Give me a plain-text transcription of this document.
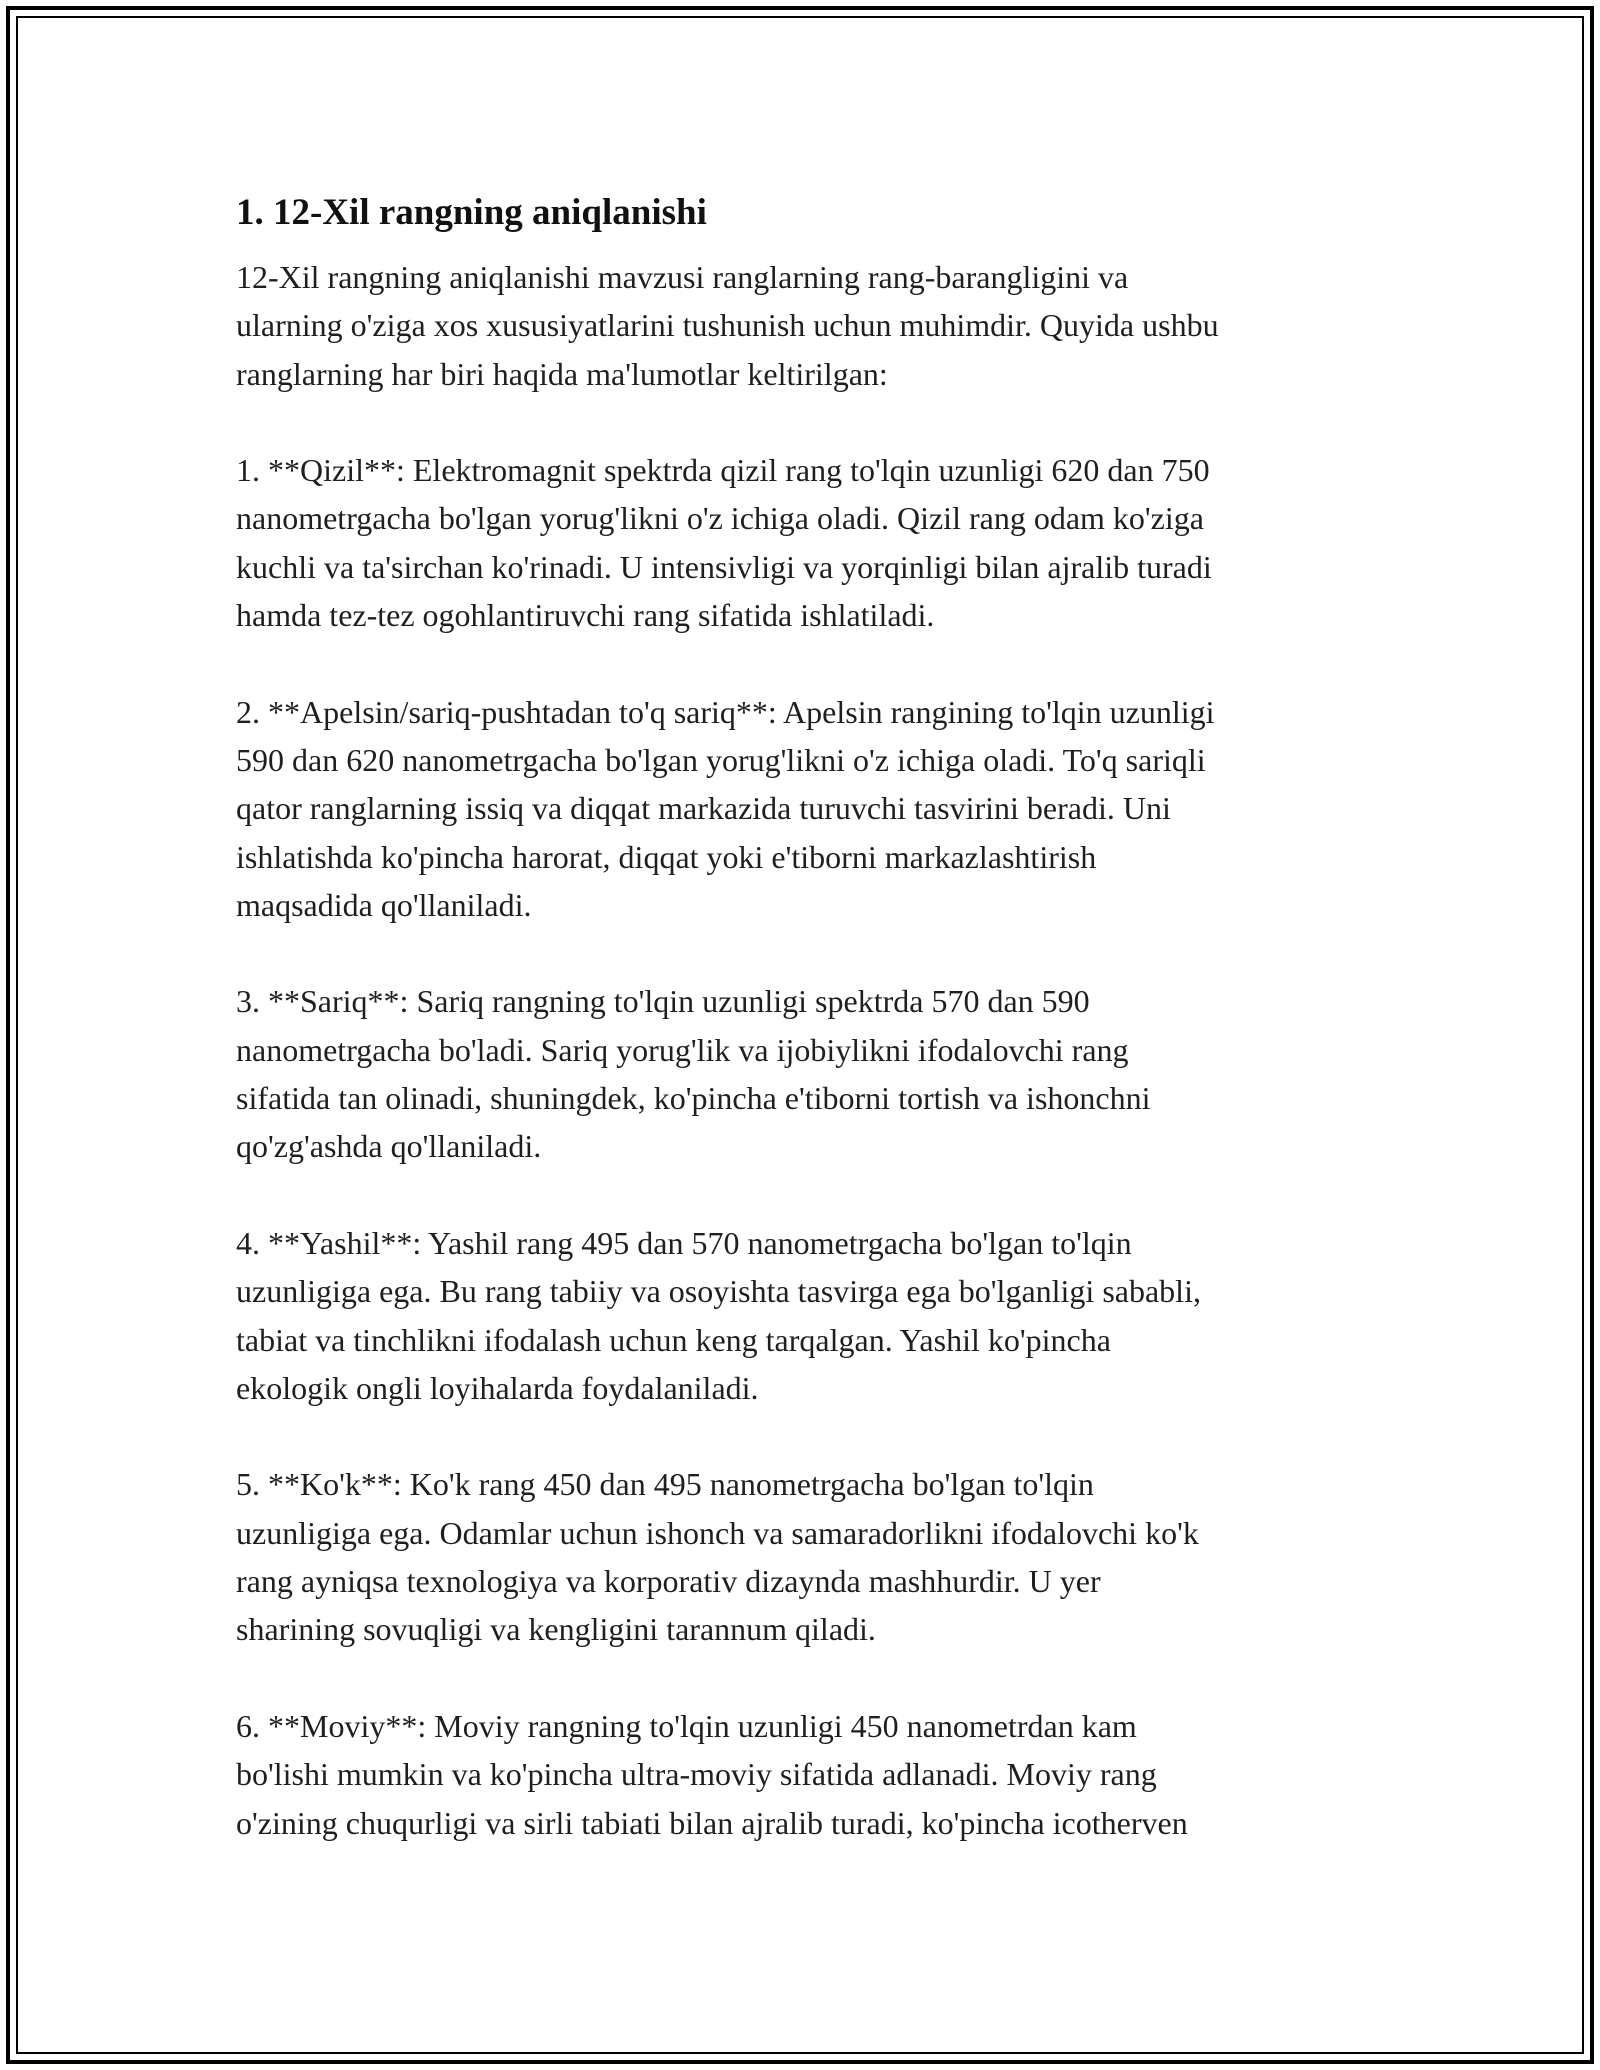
1. 12-Xil rangning aniqlanishi

12-Xil rangning aniqlanishi mavzusi ranglarning rang-barangligini va
ularning o'ziga xos xususiyatlarini tushunish uchun muhimdir. Quyida ushbu
ranglarning har biri haqida ma'lumotlar keltirilgan:

1. **Qizil**: Elektromagnit spektrda qizil rang to'lqin uzunligi 620 dan 750
nanometrgacha bo'lgan yorug'likni o'z ichiga oladi. Qizil rang odam ko'ziga
kuchli va ta'sirchan ko'rinadi. U intensivligi va yorqinligi bilan ajralib turadi
hamda tez-tez ogohlantiruvchi rang sifatida ishlatiladi.

2. **Apelsin/sariq-pushtadan to'q sariq**: Apelsin rangining to'lqin uzunligi
590 dan 620 nanometrgacha bo'lgan yorug'likni o'z ichiga oladi. To'q sariqli
qator ranglarning issiq va diqqat markazida turuvchi tasvirini beradi. Uni
ishlatishda ko'pincha harorat, diqqat yoki e'tiborni markazlashtirish
maqsadida qo'llaniladi.

3. **Sariq**: Sariq rangning to'lqin uzunligi spektrda 570 dan 590
nanometrgacha bo'ladi. Sariq yorug'lik va ijobiylikni ifodalovchi rang
sifatida tan olinadi, shuningdek, ko'pincha e'tiborni tortish va ishonchni
qo'zg'ashda qo'llaniladi.

4. **Yashil**: Yashil rang 495 dan 570 nanometrgacha bo'lgan to'lqin
uzunligiga ega. Bu rang tabiiy va osoyishta tasvirga ega bo'lganligi sababli,
tabiat va tinchlikni ifodalash uchun keng tarqalgan. Yashil ko'pincha
ekologik ongli loyihalarda foydalaniladi.

5. **Ko'k**: Ko'k rang 450 dan 495 nanometrgacha bo'lgan to'lqin
uzunligiga ega. Odamlar uchun ishonch va samaradorlikni ifodalovchi ko'k
rang ayniqsa texnologiya va korporativ dizaynda mashhurdir. U yer
sharining sovuqligi va kengligini tarannum qiladi.

6. **Moviy**: Moviy rangning to'lqin uzunligi 450 nanometrdan kam
bo'lishi mumkin va ko'pincha ultra-moviy sifatida adlanadi. Moviy rang
o'zining chuqurligi va sirli tabiati bilan ajralib turadi, ko'pincha icotherven
